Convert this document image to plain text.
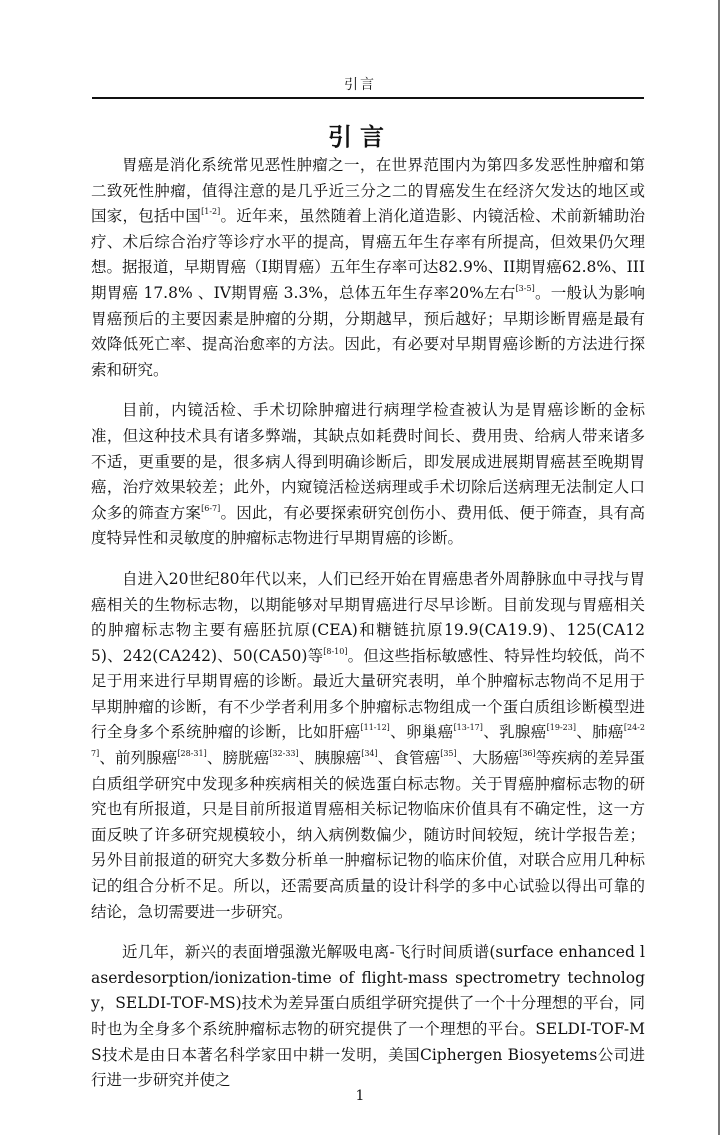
引言
引言

胃癌是消化系统常见恶性肿瘤之一，在世界范围内为第四多发恶性肿瘤和第二致死性肿瘤，值得注意的是几乎近三分之二的胃癌发生在经济欠发达的地区或国家，包括中国[1-2]。近年来，虽然随着上消化道造影、内镜活检、术前新辅助治疗、术后综合治疗等诊疗水平的提高，胃癌五年生存率有所提高，但效果仍欠理想。据报道，早期胃癌（I期胃癌）五年生存率可达82.9%、II期胃癌62.8%、III期胃癌 17.8% 、IV期胃癌 3.3%，总体五年生存率20%左右[3-5]。一般认为影响胃癌预后的主要因素是肿瘤的分期，分期越早，预后越好；早期诊断胃癌是最有效降低死亡率、提高治愈率的方法。因此，有必要对早期胃癌诊断的方法进行探索和研究。

目前，内镜活检、手术切除肿瘤进行病理学检查被认为是胃癌诊断的金标准，但这种技术具有诸多弊端，其缺点如耗费时间长、费用贵、给病人带来诸多不适，更重要的是，很多病人得到明确诊断后，即发展成进展期胃癌甚至晚期胃癌，治疗效果较差；此外，内窥镜活检送病理或手术切除后送病理无法制定人口众多的筛查方案[6-7]。因此，有必要探索研究创伤小、费用低、便于筛查，具有高度特异性和灵敏度的肿瘤标志物进行早期胃癌的诊断。

自进入20世纪80年代以来，人们已经开始在胃癌患者外周静脉血中寻找与胃癌相关的生物标志物，以期能够对早期胃癌进行尽早诊断。目前发现与胃癌相关的肿瘤标志物主要有癌胚抗原(CEA)和糖链抗原19.9(CA19.9)、125(CA125)、242(CA242)、50(CA50)等[8-10]。但这些指标敏感性、特异性均较低，尚不足于用来进行早期胃癌的诊断。最近大量研究表明，单个肿瘤标志物尚不足用于早期肿瘤的诊断，有不少学者利用多个肿瘤标志物组成一个蛋白质组诊断模型进行全身多个系统肿瘤的诊断，比如肝癌[11-12]、卵巢癌[13-17]、乳腺癌[19-23]、肺癌[24-27]、前列腺癌[28-31]、膀胱癌[32-33]、胰腺癌[34]、食管癌[35]、大肠癌[36]等疾病的差异蛋白质组学研究中发现多种疾病相关的候选蛋白标志物。关于胃癌肿瘤标志物的研究也有所报道，只是目前所报道胃癌相关标记物临床价值具有不确定性，这一方面反映了许多研究规模较小，纳入病例数偏少，随访时间较短，统计学报告差；另外目前报道的研究大多数分析单一肿瘤标记物的临床价值，对联合应用几种标记的组合分析不足。所以，还需要高质量的设计科学的多中心试验以得出可靠的结论，急切需要进一步研究。

近几年，新兴的表面增强激光解吸电离-飞行时间质谱(surface enhanced laserdesorption/ionization-time of flight-mass spectrometry technology，SELDI-TOF-MS)技术为差异蛋白质组学研究提供了一个十分理想的平台，同时也为全身多个系统肿瘤标志物的研究提供了一个理想的平台。SELDI-TOF-MS技术是由日本著名科学家田中耕一发明，美国Ciphergen Biosyetems公司进行进一步研究并使之

1
